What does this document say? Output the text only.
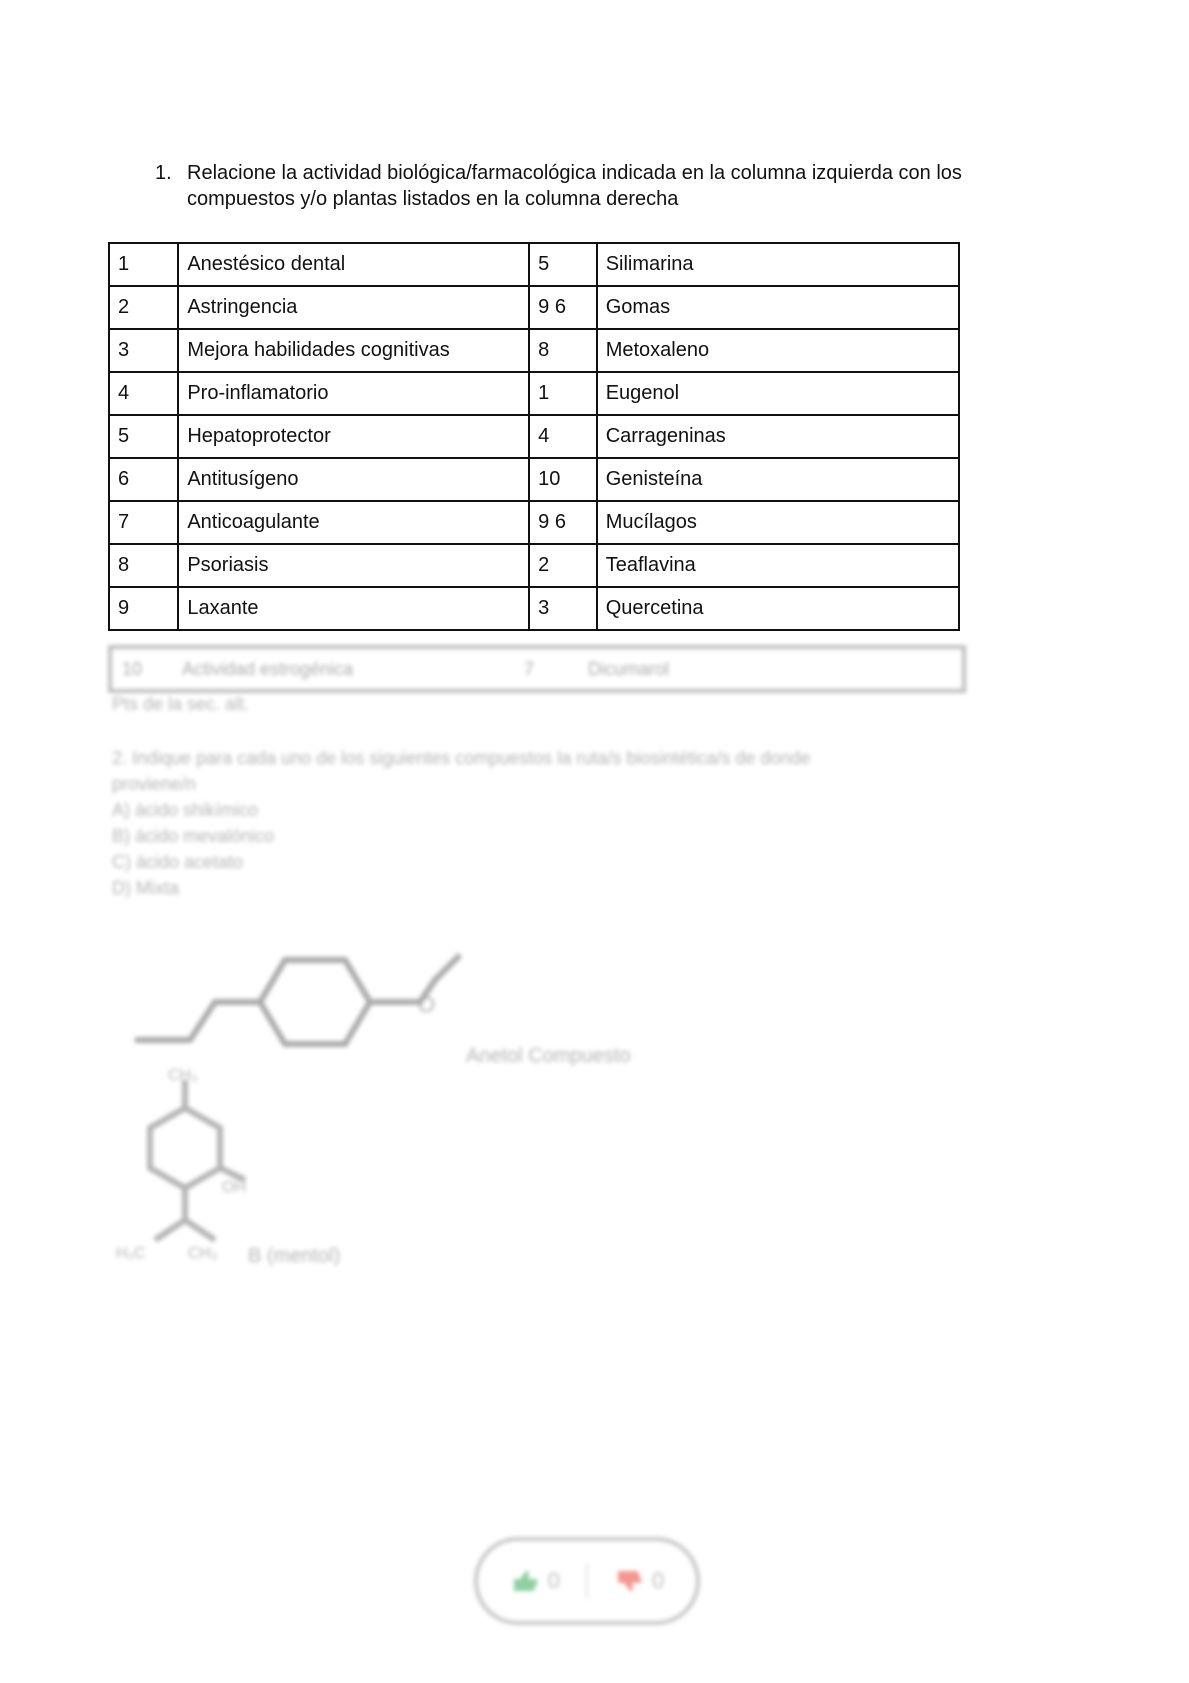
1. Relacione la actividad biológica/farmacológica indicada en la columna izquierda con los compuestos y/o plantas listados en la columna derecha
1	Anestésico dental	5	Silimarina
2	Astringencia	9 6	Gomas
3	Mejora habilidades cognitivas	8	Metoxaleno
4	Pro-inflamatorio	1	Eugenol
5	Hepatoprotector	4	Carrageninas
6	Antitusígeno	10	Genisteína
7	Anticoagulante	9 6	Mucílagos
8	Psoriasis	2	Teaflavina
9	Laxante	3	Quercetina
10 Actividad estrogénica	7	Dicumarol
Pts de la sec. alt.
2. Indique para cada uno de los siguientes compuestos la ruta/s biosintética/s de donde
proviene/n
A) ácido shikímico
B) ácido mevalónico
C) ácido acetato
D) Mixta
O
Anetol Compuesto
CH₃
OH
H₃C	CH₃ B (mentol)
0	0
